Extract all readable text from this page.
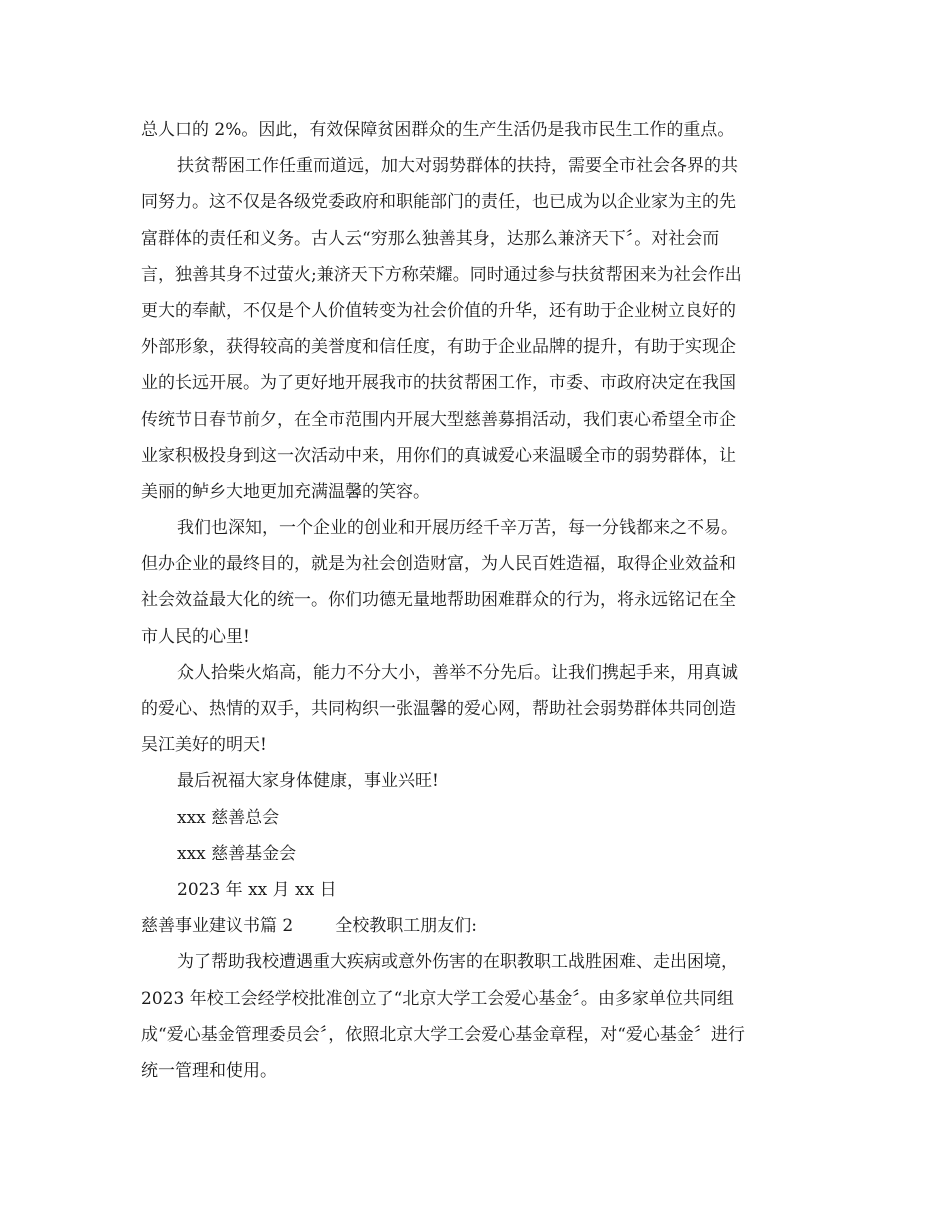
总人口的 2%。因此，有效保障贫困群众的生产生活仍是我市民生工作的重点。
扶贫帮困工作任重而道远，加大对弱势群体的扶持，需要全市社会各界的共
同努力。这不仅是各级党委政府和职能部门的责任，也已成为以企业家为主的先
富群体的责任和义务。古人云“穷那么独善其身，达那么兼济天下〞。对社会而
言，独善其身不过萤火;兼济天下方称荣耀。同时通过参与扶贫帮困来为社会作出
更大的奉献，不仅是个人价值转变为社会价值的升华，还有助于企业树立良好的
外部形象，获得较高的美誉度和信任度，有助于企业品牌的提升，有助于实现企
业的长远开展。为了更好地开展我市的扶贫帮困工作，市委、市政府决定在我国
传统节日春节前夕，在全市范围内开展大型慈善募捐活动，我们衷心希望全市企
业家积极投身到这一次活动中来，用你们的真诚爱心来温暖全市的弱势群体，让
美丽的鲈乡大地更加充满温馨的笑容。
我们也深知，一个企业的创业和开展历经千辛万苦，每一分钱都来之不易。
但办企业的最终目的，就是为社会创造财富，为人民百姓造福，取得企业效益和
社会效益最大化的统一。你们功德无量地帮助困难群众的行为，将永远铭记在全
市人民的心里!
众人拾柴火焰高，能力不分大小，善举不分先后。让我们携起手来，用真诚
的爱心、热情的双手，共同构织一张温馨的爱心网，帮助社会弱势群体共同创造
吴江美好的明天!
最后祝福大家身体健康，事业兴旺!
xxx 慈善总会
xxx 慈善基金会
2023 年 xx 月 xx 日
慈善事业建议书篇 2 全校教职工朋友们:
为了帮助我校遭遇重大疾病或意外伤害的在职教职工战胜困难、走出困境，
2023 年校工会经学校批准创立了“北京大学工会爱心基金〞。由多家单位共同组
成“爱心基金管理委员会〞，依照北京大学工会爱心基金章程，对“爱心基金〞进行
统一管理和使用。
